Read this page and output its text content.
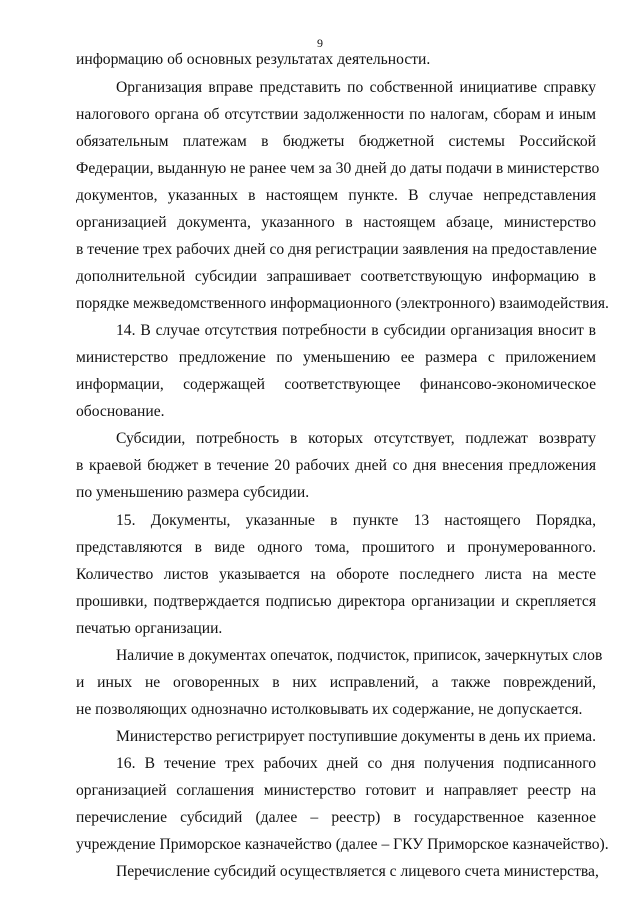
9
информацию об основных результатах деятельности.
Организация вправе представить по собственной инициативе справку
налогового органа об отсутствии задолженности по налогам, сборам и иным
обязательным платежам в бюджеты бюджетной системы Российской
Федерации, выданную не ранее чем за 30 дней до даты подачи в министерство
документов, указанных в настоящем пункте. В случае непредставления
организацией документа, указанного в настоящем абзаце, министерство
в течение трех рабочих дней со дня регистрации заявления на предоставление
дополнительной субсидии запрашивает соответствующую информацию в
порядке межведомственного информационного (электронного) взаимодействия.
14. В случае отсутствия потребности в субсидии организация вносит в
министерство предложение по уменьшению ее размера с приложением
информации, содержащей соответствующее финансово-экономическое
обоснование.
Субсидии, потребность в которых отсутствует, подлежат возврату
в краевой бюджет в течение 20 рабочих дней со дня внесения предложения
по уменьшению размера субсидии.
15. Документы, указанные в пункте 13 настоящего Порядка,
представляются в виде одного тома, прошитого и пронумерованного.
Количество листов указывается на обороте последнего листа на месте
прошивки, подтверждается подписью директора организации и скрепляется
печатью организации.
Наличие в документах опечаток, подчисток, приписок, зачеркнутых слов
и иных не оговоренных в них исправлений, а также повреждений,
не позволяющих однозначно истолковывать их содержание, не допускается.
Министерство регистрирует поступившие документы в день их приема.
16. В течение трех рабочих дней со дня получения подписанного
организацией соглашения министерство готовит и направляет реестр на
перечисление субсидий (далее – реестр) в государственное казенное
учреждение Приморское казначейство (далее – ГКУ Приморское казначейство).
Перечисление субсидий осуществляется с лицевого счета министерства,
